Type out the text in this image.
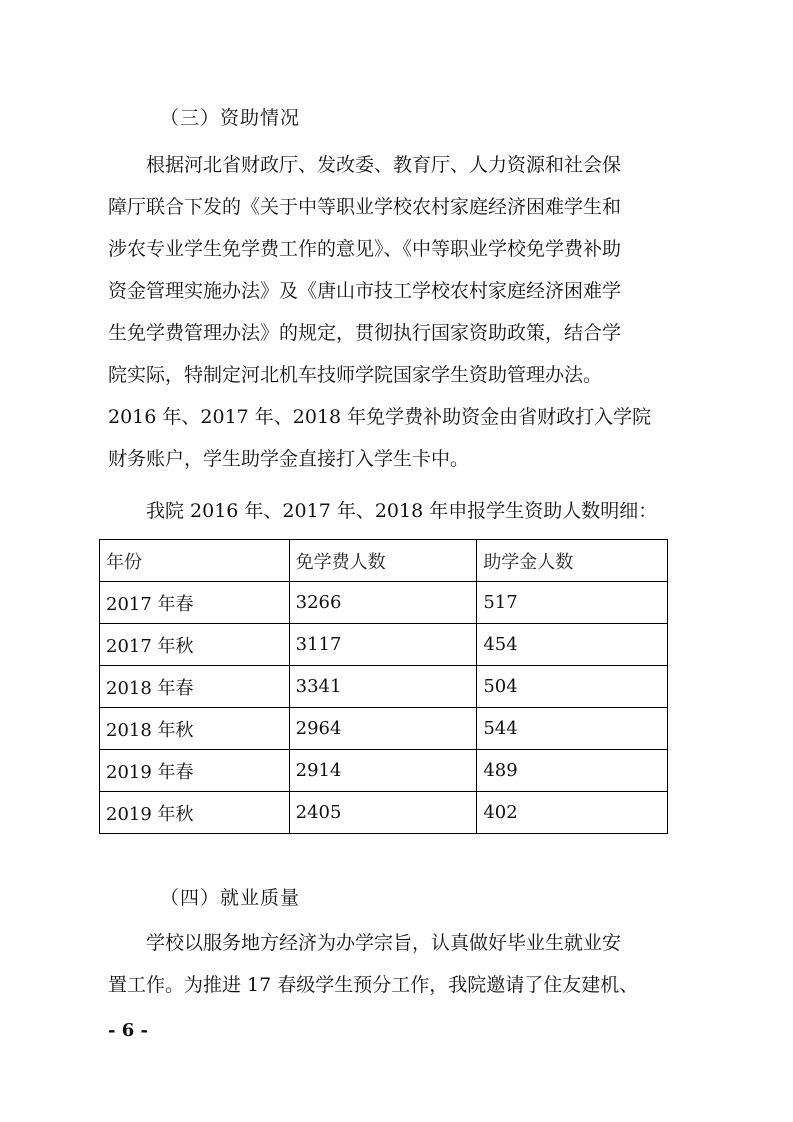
（三）资助情况
　　根据河北省财政厅、发改委、教育厅、人力资源和社会保
障厅联合下发的《关于中等职业学校农村家庭经济困难学生和
涉农专业学生免学费工作的意见》、《中等职业学校免学费补助
资金管理实施办法》及《唐山市技工学校农村家庭经济困难学
生免学费管理办法》的规定，贯彻执行国家资助政策，结合学
院实际，特制定河北机车技师学院国家学生资助管理办法。
2016 年、2017 年、2018 年免学费补助资金由省财政打入学院
财务账户，学生助学金直接打入学生卡中。
　　我院 2016 年、2017 年、2018 年申报学生资助人数明细：
年份	免学费人数	助学金人数
2017 年春	3266	517
2017 年秋	3117	454
2018 年春	3341	504
2018 年秋	2964	544
2019 年春	2914	489
2019 年秋	2405	402
（四）就业质量
　　学校以服务地方经济为办学宗旨，认真做好毕业生就业安
置工作。为推进 17 春级学生预分工作，我院邀请了住友建机、
- 6 -
